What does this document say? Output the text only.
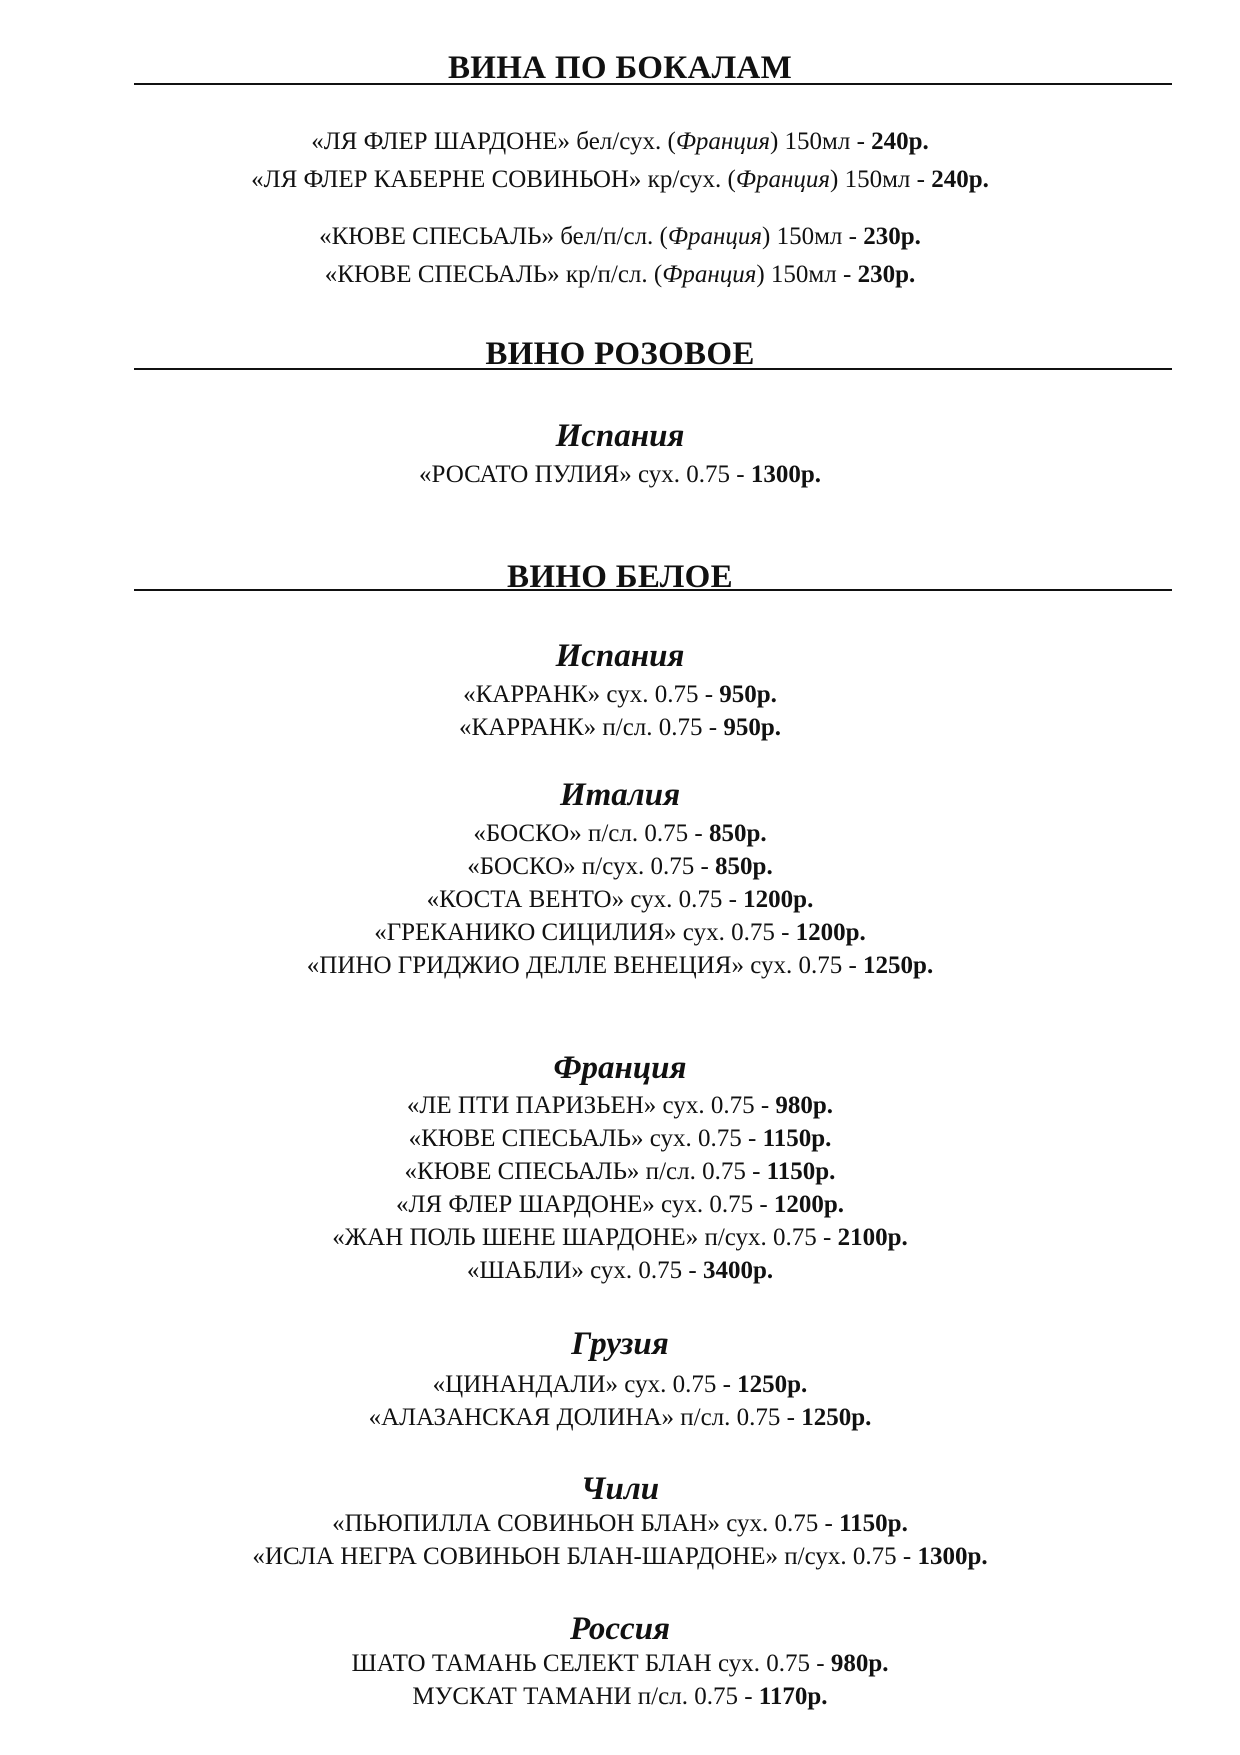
ВИНА ПО БОКАЛАМ
«ЛЯ ФЛЕР ШАРДОНЕ» бел/сух. (Франция) 150мл - 240р.
«ЛЯ ФЛЕР КАБЕРНЕ СОВИНЬОН» кр/сух. (Франция) 150мл - 240р.
«КЮВЕ СПЕСЬАЛЬ» бел/п/сл. (Франция) 150мл - 230р.
«КЮВЕ СПЕСЬАЛЬ» кр/п/сл. (Франция) 150мл - 230р.
ВИНО РОЗОВОЕ
Испания
«РОСАТО ПУЛИЯ» сух. 0.75 - 1300р.
ВИНО БЕЛОЕ
Испания
«КАРРАНК» сух. 0.75 - 950р.
«КАРРАНК» п/сл. 0.75 - 950р.
Италия
«БОСКО» п/сл. 0.75 - 850р.
«БОСКО» п/сух. 0.75 - 850р.
«КОСТА ВЕНТО» сух. 0.75 - 1200р.
«ГРЕКАНИКО СИЦИЛИЯ» сух. 0.75 - 1200р.
«ПИНО ГРИДЖИО ДЕЛЛЕ ВЕНЕЦИЯ» сух. 0.75 - 1250р.
Франция
«ЛЕ ПТИ ПАРИЗЬЕН» сух. 0.75 - 980р.
«КЮВЕ СПЕСЬАЛЬ» сух. 0.75 - 1150р.
«КЮВЕ СПЕСЬАЛЬ» п/сл. 0.75 - 1150р.
«ЛЯ ФЛЕР ШАРДОНЕ» сух. 0.75 - 1200р.
«ЖАН ПОЛЬ ШЕНЕ ШАРДОНЕ» п/сух. 0.75 - 2100р.
«ШАБЛИ» сух. 0.75 - 3400р.
Грузия
«ЦИНАНДАЛИ» сух. 0.75 - 1250р.
«АЛАЗАНСКАЯ ДОЛИНА» п/сл. 0.75 - 1250р.
Чили
«ПЬЮПИЛЛА СОВИНЬОН БЛАН» сух. 0.75 - 1150р.
«ИСЛА НЕГРА СОВИНЬОН БЛАН-ШАРДОНЕ» п/сух. 0.75 - 1300р.
Россия
ШАТО ТАМАНЬ СЕЛЕКТ БЛАН сух. 0.75 - 980р.
МУСКАТ ТАМАНИ п/сл. 0.75 - 1170р.
